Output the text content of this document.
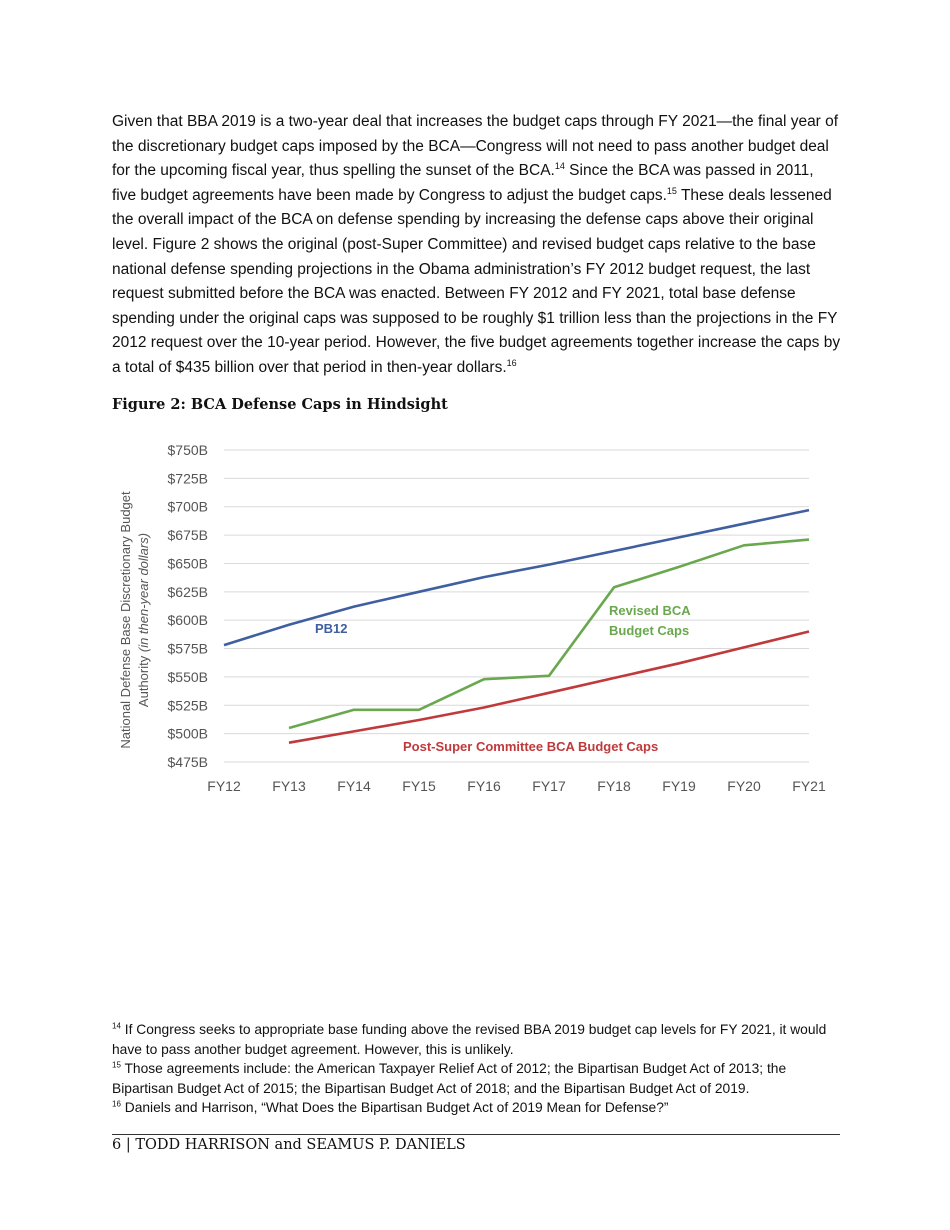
Given that BBA 2019 is a two-year deal that increases the budget caps through FY 2021—the final year of the discretionary budget caps imposed by the BCA—Congress will not need to pass another budget deal for the upcoming fiscal year, thus spelling the sunset of the BCA.$^{14}$ Since the BCA was passed in 2011, five budget agreements have been made by Congress to adjust the budget caps.$^{15}$ These deals lessened the overall impact of the BCA on defense spending by increasing the defense caps above their original level. Figure 2 shows the original (post-Super Committee) and revised budget caps relative to the base national defense spending projections in the Obama administration’s FY 2012 budget request, the last request submitted before the BCA was enacted. Between FY 2012 and FY 2021, total base defense spending under the original caps was supposed to be roughly $1 trillion less than the projections in the FY 2012 request over the 10-year period. However, the five budget agreements together increase the caps by a total of $435 billion over that period in then-year dollars.$^{16}$

Figure 2: BCA Defense Caps in Hindsight
$475B
$500B
$525B
$550B
$575B
$600B
$625B
$650B
$675B
$700B
$725B
$750B
FY12 FY13 FY14 FY15 FY16 FY17 FY18 FY19 FY20 FY21
National Defense Base Discretionary Budget Authority (in then-year dollars)	PB12
Revised BCA
Budget Caps
Post-Super Committee BCA Budget Caps

$^{14}$ If Congress seeks to appropriate base funding above the revised BBA 2019 budget cap levels for FY 2021, it would have to pass another budget agreement. However, this is unlikely.

$^{15}$ Those agreements include: the American Taxpayer Relief Act of 2012; the Bipartisan Budget Act of 2013; the Bipartisan Budget Act of 2015; the Bipartisan Budget Act of 2018; and the Bipartisan Budget Act of 2019.

$^{16}$ Daniels and Harrison, “What Does the Bipartisan Budget Act of 2019 Mean for Defense?”

6 | TODD HARRISON and SEAMUS P. DANIELS
